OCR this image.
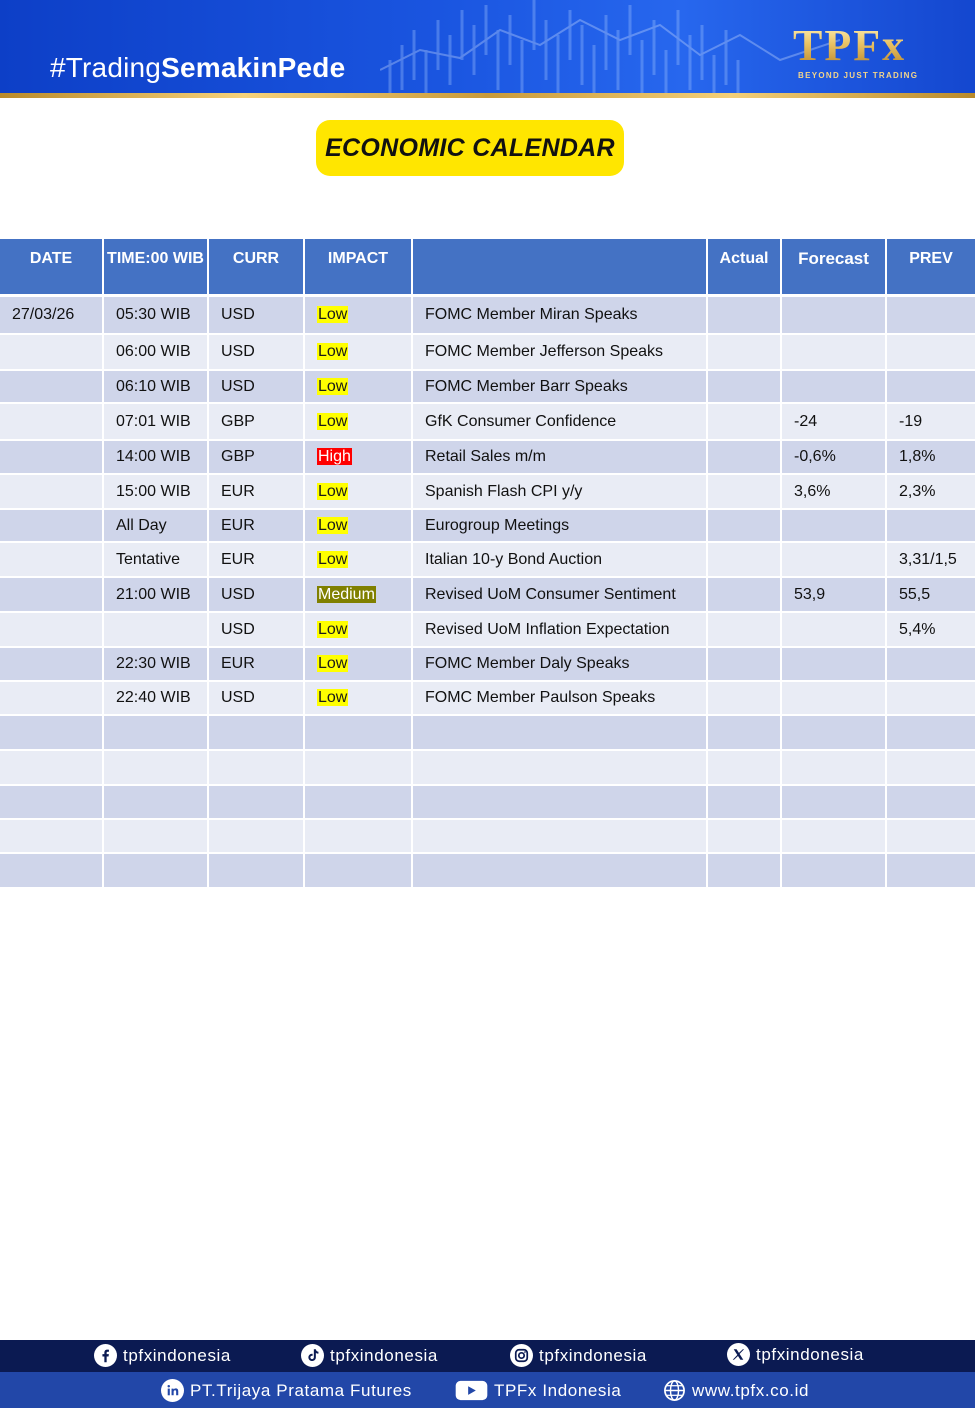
#TradingSemakinPede	TPFx
BEYOND JUST TRADING
ECONOMIC CALENDAR
DATE	TIME:00 WIB	CURR	IMPACT		Actual	Forecast	PREV

27/03/26	05:30 WIB	USD	Low	FOMC Member Miran Speaks			
	06:00 WIB	USD	Low	FOMC Member Jefferson Speaks			
	06:10 WIB	USD	Low	FOMC Member Barr Speaks			
	07:01 WIB	GBP	Low	GfK Consumer Confidence		-24	-19
	14:00 WIB	GBP	High	Retail Sales m/m		-0,6%	1,8%
	15:00 WIB	EUR	Low	Spanish Flash CPI y/y		3,6%	2,3%
	All Day	EUR	Low	Eurogroup Meetings			
	Tentative	EUR	Low	Italian 10-y Bond Auction			3,31/1,5
	21:00 WIB	USD	Medium	Revised UoM Consumer Sentiment		53,9	55,5
		USD	Low	Revised UoM Inflation Expectation			5,4%
	22:30 WIB	EUR	Low	FOMC Member Daly Speaks			
	22:40 WIB	USD	Low	FOMC Member Paulson Speaks			

tpfxindonesia	tpfxindonesia	tpfxindonesia	tpfxindonesia
PT.Trijaya Pratama Futures	TPFx Indonesia	www.tpfx.co.id
